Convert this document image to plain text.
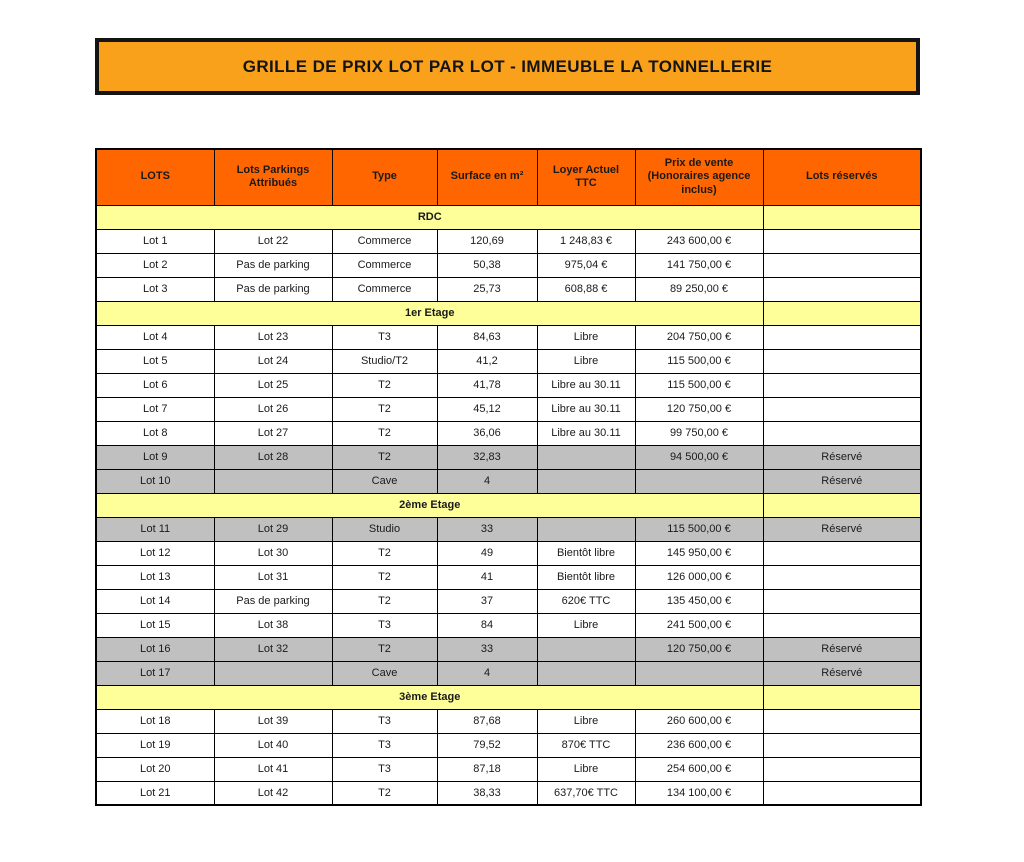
GRILLE DE PRIX LOT PAR LOT - IMMEUBLE LA TONNELLERIE
LOTS	Lots Parkings Attribués	Type	Surface en m²	Loyer Actuel TTC	Prix de vente (Honoraires agence inclus)	Lots réservés
RDC						
Lot 1	Lot 22	Commerce	120,69	1 248,83 €	243 600,00 €	
Lot 2	Pas de parking	Commerce	50,38	975,04 €	141 750,00 €	
Lot 3	Pas de parking	Commerce	25,73	608,88 €	89 250,00 €	
1er Etage						
Lot 4	Lot 23	T3	84,63	Libre	204 750,00 €	
Lot 5	Lot 24	Studio/T2	41,2	Libre	115 500,00 €	
Lot 6	Lot 25	T2	41,78	Libre au 30.11	115 500,00 €	
Lot 7	Lot 26	T2	45,12	Libre au 30.11	120 750,00 €	
Lot 8	Lot 27	T2	36,06	Libre au 30.11	99 750,00 €	
Lot 9	Lot 28	T2	32,83		94 500,00 €	Réservé
Lot 10		Cave	4			Réservé
2ème Etage						
Lot 11	Lot 29	Studio	33		115 500,00 €	Réservé
Lot 12	Lot 30	T2	49	Bientôt libre	145 950,00 €	
Lot 13	Lot 31	T2	41	Bientôt libre	126 000,00 €	
Lot 14	Pas de parking	T2	37	620€ TTC	135 450,00 €	
Lot 15	Lot 38	T3	84	Libre	241 500,00 €	
Lot 16	Lot 32	T2	33		120 750,00 €	Réservé
Lot 17		Cave	4			Réservé
3ème Etage						
Lot 18	Lot 39	T3	87,68	Libre	260 600,00 €	
Lot 19	Lot 40	T3	79,52	870€ TTC	236 600,00 €	
Lot 20	Lot 41	T3	87,18	Libre	254 600,00 €	
Lot 21	Lot 42	T2	38,33	637,70€ TTC	134 100,00 €	
